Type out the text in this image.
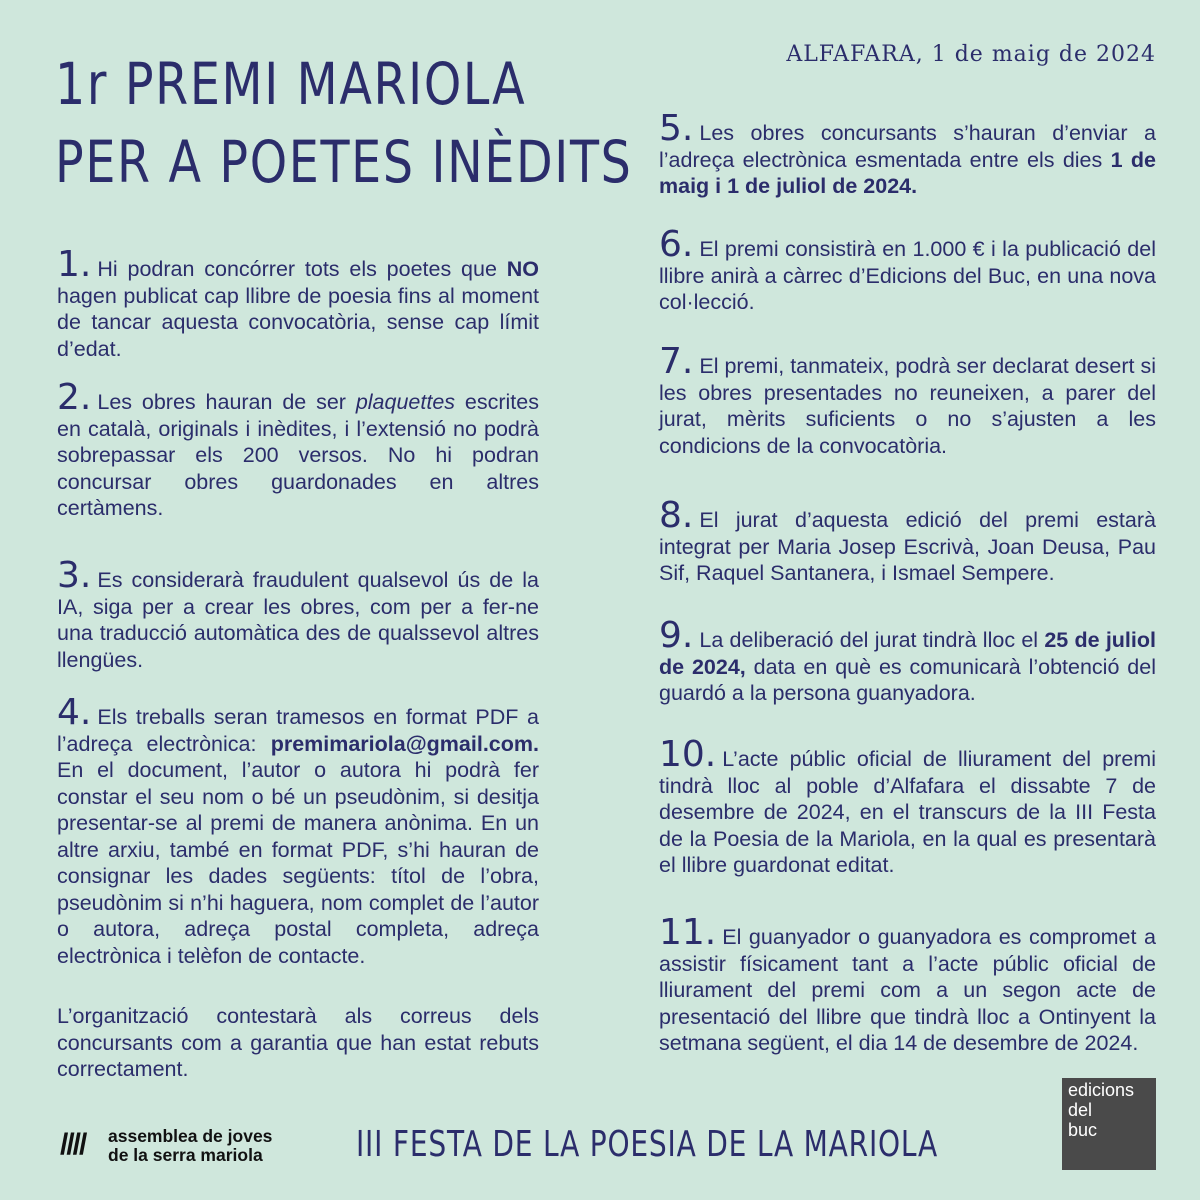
1r PREMI MARIOLA
PER A POETES INÈDITS
ALFAFARA, 1 de maig de 2024
1. Hi podran concórrer tots els poetes que NO hagen publicat cap llibre de poesia fins al moment de tancar aquesta convocatòria, sense cap límit d’edat.
2. Les obres hauran de ser plaquettes escrites en català, originals i inèdites, i l’extensió no podrà sobrepassar els 200 versos. No hi podran concursar obres guardonades en altres certàmens.
3. Es considerarà fraudulent qualsevol ús de la IA, siga per a crear les obres, com per a fer-ne una traducció automàtica des de qualssevol altres llengües.
4. Els treballs seran tramesos en format PDF a l’adreça electrònica: premimariola@gmail.com. En el document, l’autor o autora hi podrà fer constar el seu nom o bé un pseudònim, si desitja presentar-se al premi de manera anònima. En un altre arxiu, també en format PDF, s’hi hauran de consignar les dades següents: títol de l’obra, pseudònim si n’hi haguera, nom complet de l’autor o autora, adreça postal completa, adreça electrònica i telèfon de contacte.
L’organització contestarà als correus dels concursants com a garantia que han estat rebuts correctament.
5. Les obres concursants s’hauran d’enviar a l’adreça electrònica esmentada entre els dies 1 de maig i 1 de juliol de 2024.
6. El premi consistirà en 1.000 € i la publicació del llibre anirà a càrrec d’Edicions del Buc, en una nova col·lecció.
7. El premi, tanmateix, podrà ser declarat desert si les obres presentades no reuneixen, a parer del jurat, mèrits suficients o no s’ajusten a les condicions de la convocatòria.
8. El jurat d’aquesta edició del premi estarà integrat per Maria Josep Escrivà, Joan Deusa, Pau Sif, Raquel Santanera, i Ismael Sempere.
9. La deliberació del jurat tindrà lloc el 25 de juliol de 2024, data en què es comunicarà l’obtenció del guardó a la persona guanyadora.
10. L’acte públic oficial de lliurament del premi tindrà lloc al poble d’Alfafara el dissabte 7 de desembre de 2024, en el transcurs de la III Festa de la Poesia de la Mariola, en la qual es presentarà el llibre guardonat editat.
11. El guanyador o guanyadora es compromet a assistir físicament tant a l’acte públic oficial de lliurament del premi com a un segon acte de presentació del llibre que tindrà lloc a Ontinyent la setmana següent, el dia 14 de desembre de 2024.
//// assemblea de joves
de la serra mariola	III FESTA DE LA POESIA DE LA MARIOLA
edicions
del
buc
